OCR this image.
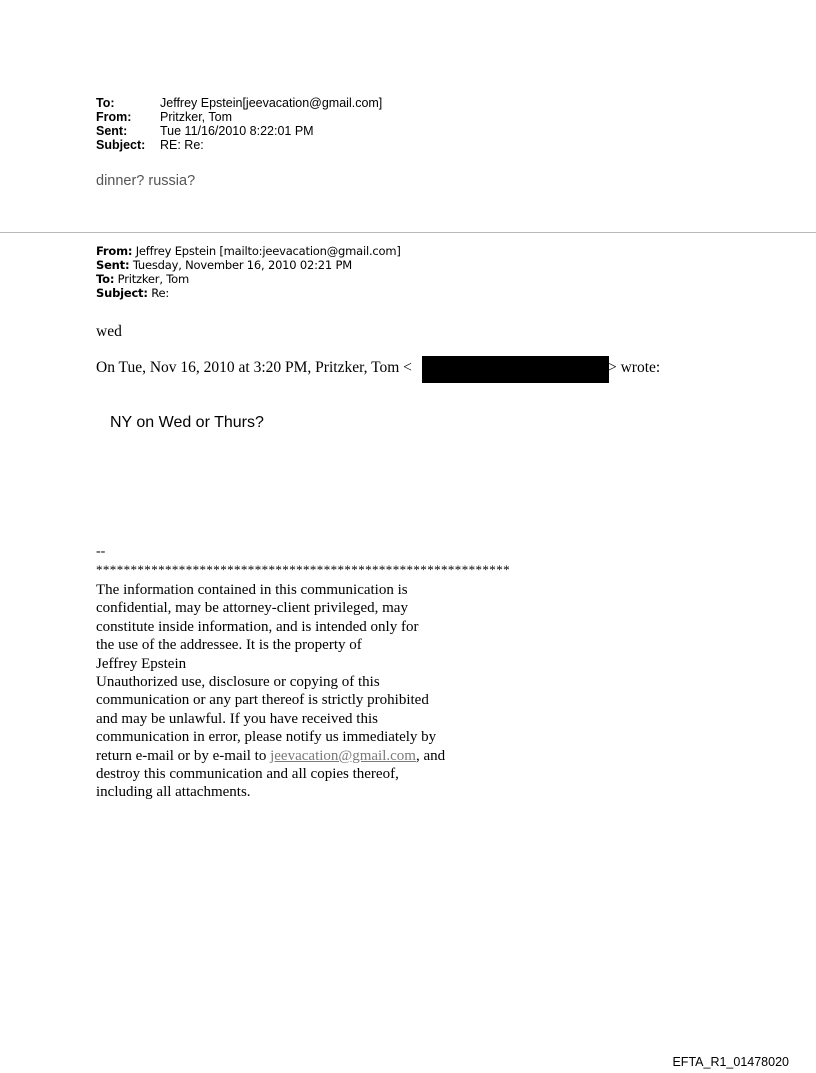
To:	Jeffrey Epstein[jeevacation@gmail.com]
From:	Pritzker, Tom
Sent:	Tue 11/16/2010 8:22:01 PM
Subject:	RE: Re:
dinner? russia?
From: Jeffrey Epstein [mailto:jeevacation@gmail.com]
Sent: Tuesday, November 16, 2010 02:21 PM
To: Pritzker, Tom
Subject: Re:
wed
On Tue, Nov 16, 2010 at 3:20 PM, Pritzker, Tom <	> wrote:
NY on Wed or Thurs?
--
************************************************************
The information contained in this communication is
confidential, may be attorney-client privileged, may
constitute inside information, and is intended only for
the use of the addressee. It is the property of
Jeffrey Epstein
Unauthorized use, disclosure or copying of this
communication or any part thereof is strictly prohibited
and may be unlawful. If you have received this
communication in error, please notify us immediately by
return e-mail or by e-mail to jeevacation@gmail.com, and
destroy this communication and all copies thereof,
including all attachments.
EFTA_R1_01478020
